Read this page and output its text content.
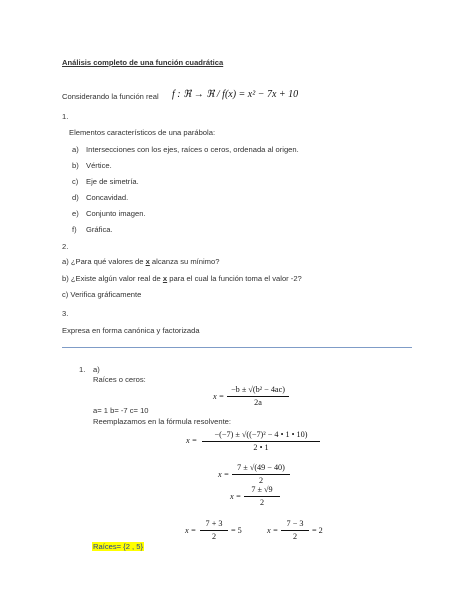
Análisis completo de una función cuadrática
Considerando la función real f : ℜ → ℜ / f(x) = x² − 7x + 10
1.
Elementos característicos de una parábola:
a) Intersecciones con los ejes, raíces o ceros, ordenada al origen.
b) Vértice.
c) Eje de simetría.
d) Concavidad.
e) Conjunto imagen.
f) Gráfica.
2.
a) ¿Para qué valores de x alcanza su mínimo?
b) ¿Existe algún valor real de x para el cual la función toma el valor -2?
c) Verifica gráficamente
3.
Expresa en forma canónica y factorizada
1. a)
Raíces o ceros:
$x = \frac{\text{−b ± √(b² − 4ac)}}{2a}$
a= 1 b= -7 c= 10
Reemplazamos en la fórmula resolvente:
$x = \frac{\text{−(−7) ± √((−7)² − 4 • 1 • 10)}}{2 • 1}$
$x = \frac{7 \pm √(49 - 40)}{2}$
$x = \frac{7 \pm √9}{2}$
$x = \frac{7 + 3}{2} = 5$	$x = \frac{7 - 3}{2} = 2$
Raíces= {2 , 5}
